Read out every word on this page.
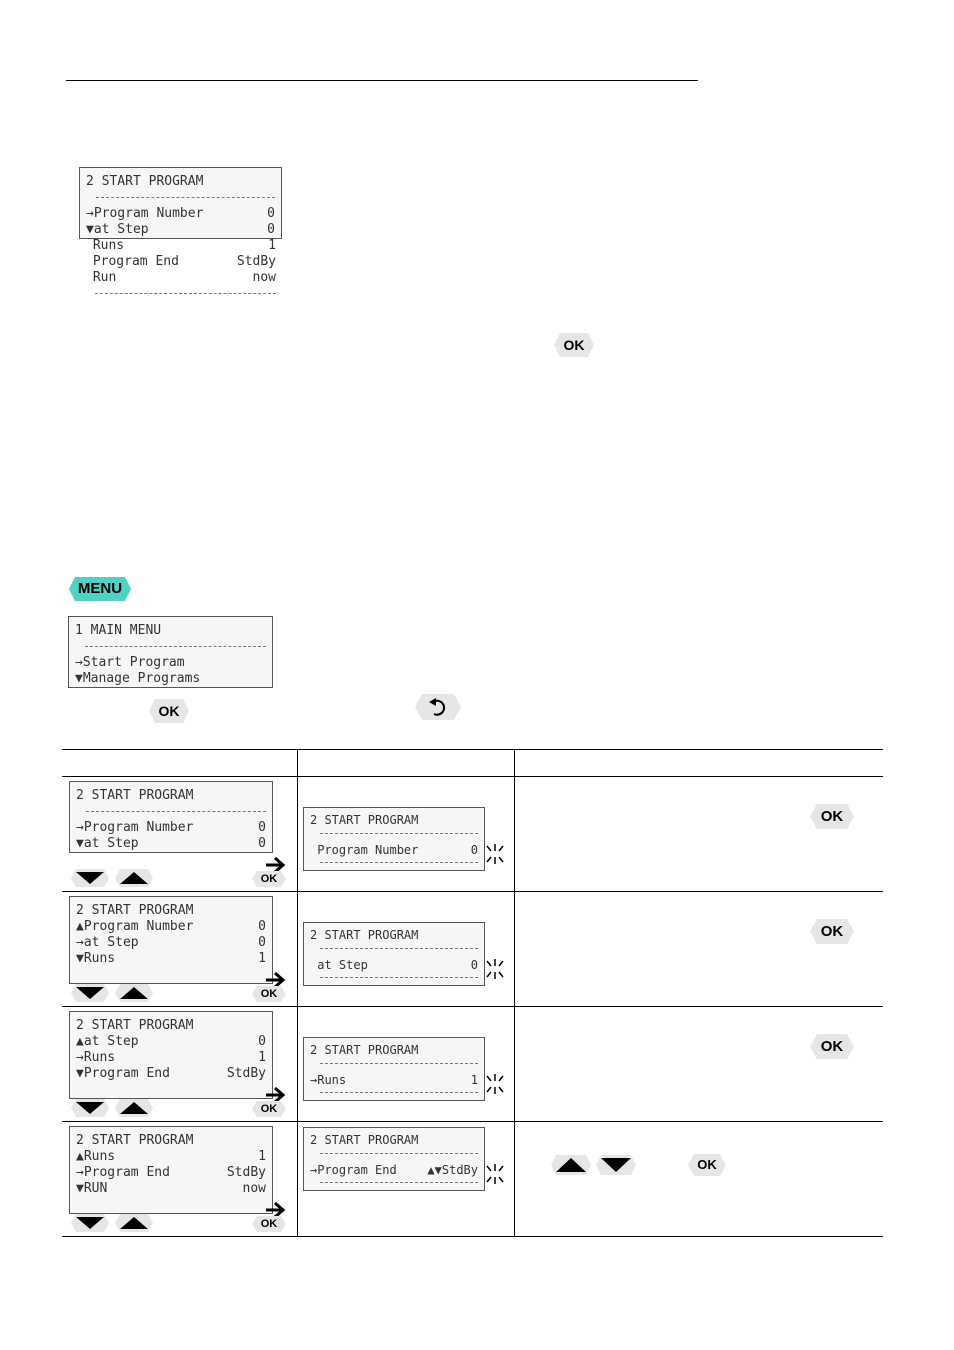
2 START PROGRAM
→Program Number	0
▼at Step	0
Runs	1
Program End	StdBy
Run	now
OK
MENU
1 MAIN MENU
→Start Program
▼Manage Programs
OK
2 START PROGRAM
→Program Number	0
▼at Step	0
OK
2 START PROGRAM
Program Number	0
OK
2 START PROGRAM
▲Program Number	0
→at Step	0
▼Runs	1
OK
2 START PROGRAM
at Step	0
OK
2 START PROGRAM
▲at Step	0
→Runs	1
▼Program End	StdBy
OK
2 START PROGRAM
→Runs	1
OK
2 START PROGRAM
▲Runs	1
→Program End	StdBy
▼RUN	now
OK
2 START PROGRAM
→Program End	▲▼StdBy	OK
